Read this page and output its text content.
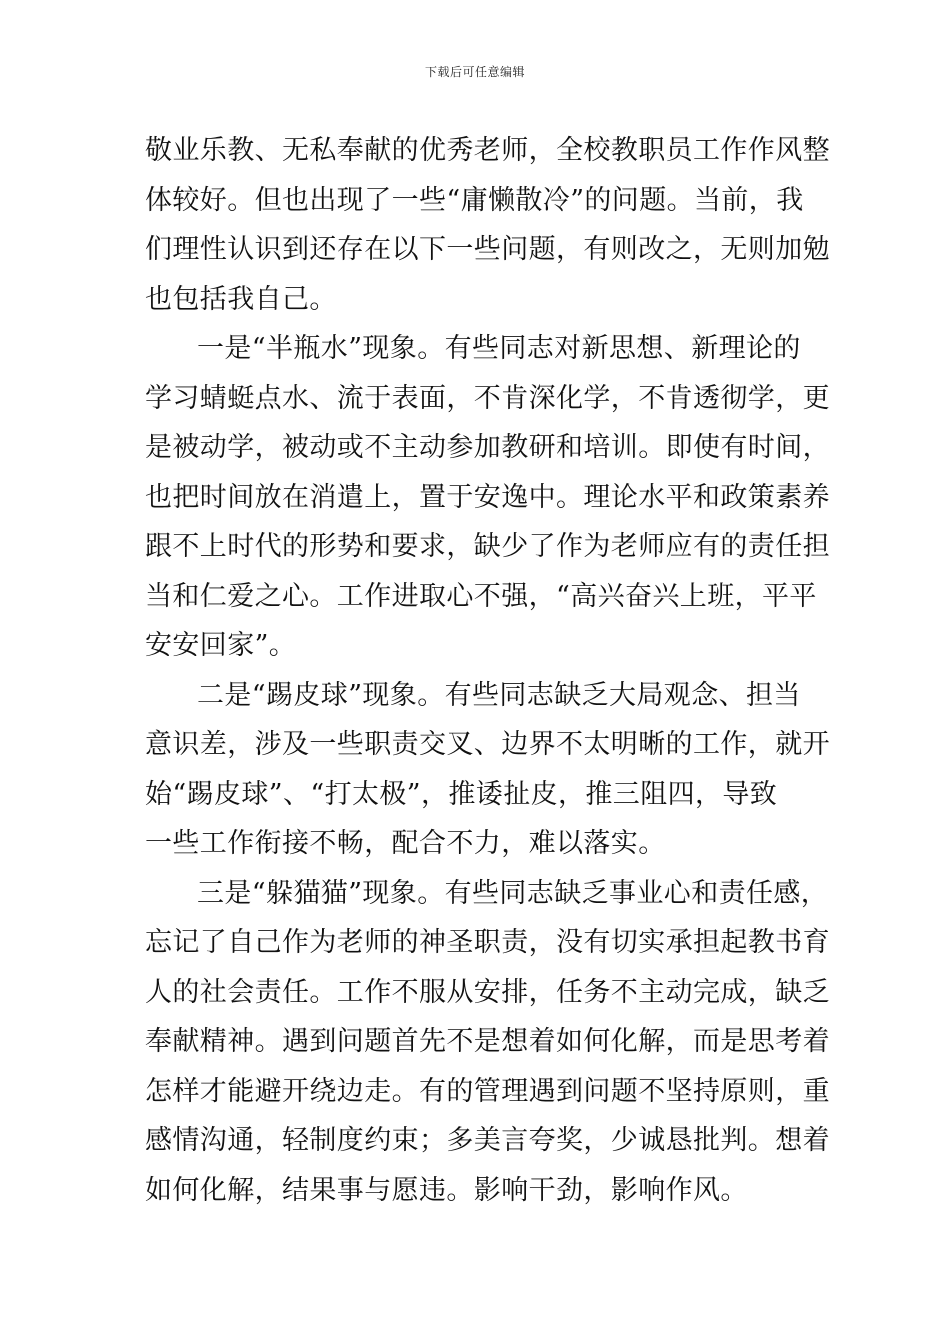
下载后可任意编辑
敬业乐教、无私奉献的优秀老师，全校教职员工作作风整
体较好。但也出现了一些“庸懒散冷”的问题。当前，我
们理性认识到还存在以下一些问题，有则改之，无则加勉
也包括我自己。
一是“半瓶水”现象。有些同志对新思想、新理论的
学习蜻蜓点水、流于表面，不肯深化学，不肯透彻学，更
是被动学，被动或不主动参加教研和培训。即使有时间，
也把时间放在消遣上，置于安逸中。理论水平和政策素养
跟不上时代的形势和要求，缺少了作为老师应有的责任担
当和仁爱之心。工作进取心不强，“高兴奋兴上班，平平
安安回家”。
二是“踢皮球”现象。有些同志缺乏大局观念、担当
意识差，涉及一些职责交叉、边界不太明晰的工作，就开
始“踢皮球”、“打太极”，推诿扯皮，推三阻四，导致
一些工作衔接不畅，配合不力，难以落实。
三是“躲猫猫”现象。有些同志缺乏事业心和责任感，
忘记了自己作为老师的神圣职责，没有切实承担起教书育
人的社会责任。工作不服从安排，任务不主动完成，缺乏
奉献精神。遇到问题首先不是想着如何化解，而是思考着
怎样才能避开绕边走。有的管理遇到问题不坚持原则，重
感情沟通，轻制度约束；多美言夸奖，少诚恳批判。想着
如何化解，结果事与愿违。影响干劲，影响作风。
